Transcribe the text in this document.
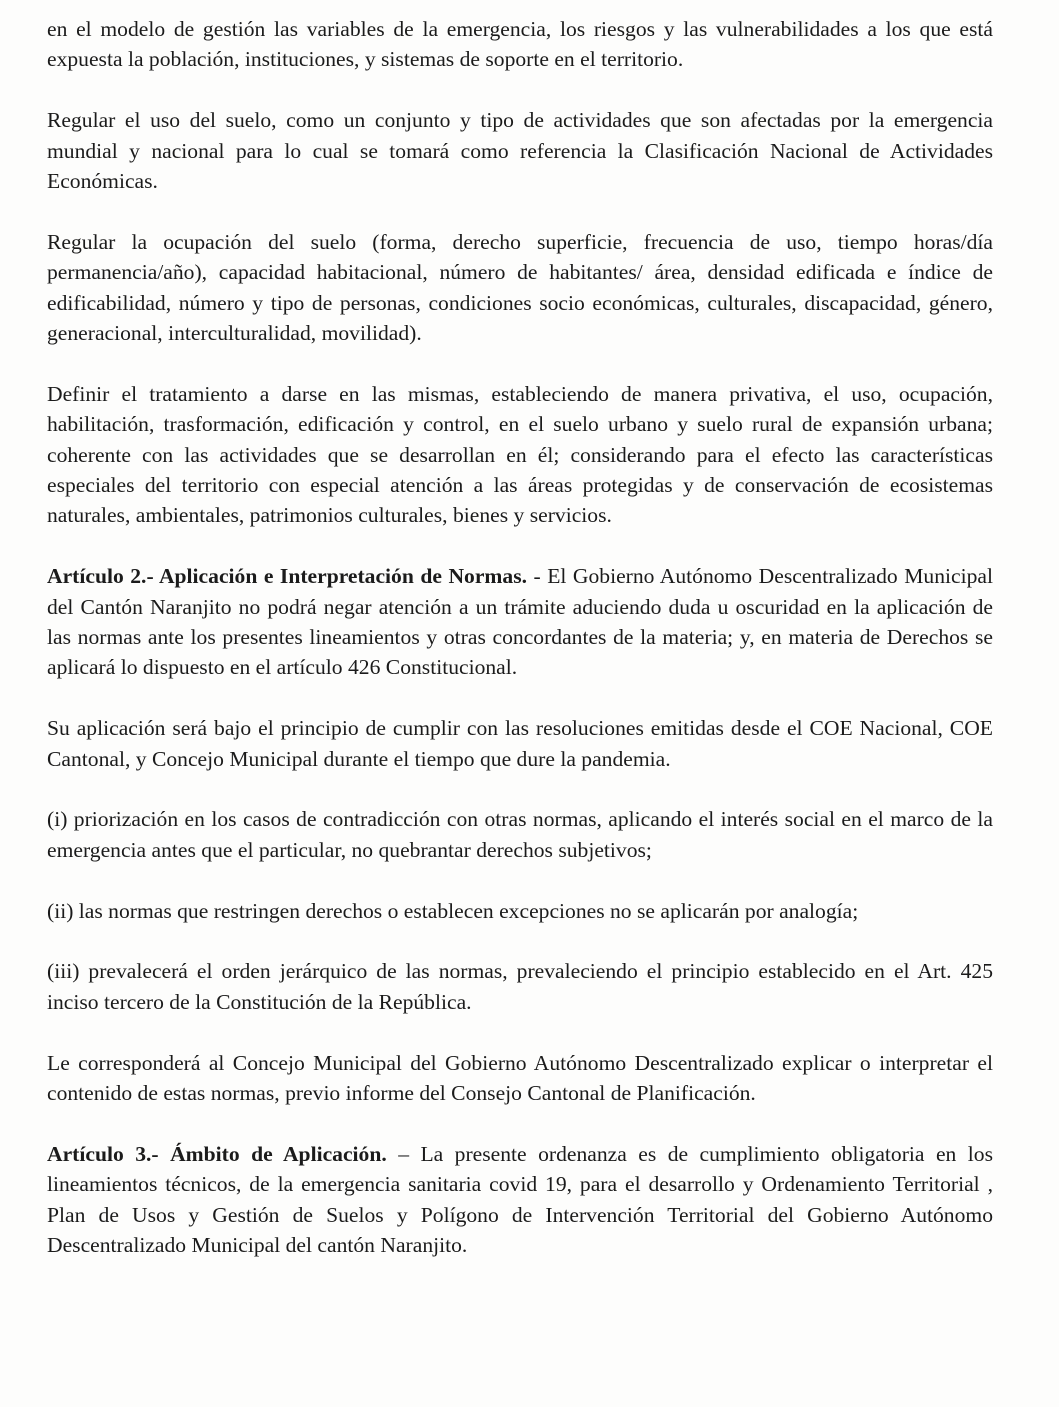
en el modelo de gestión las variables de la emergencia, los riesgos y las vulnerabilidades a los que está expuesta la población, instituciones, y sistemas de soporte en el territorio.

Regular el uso del suelo, como un conjunto y tipo de actividades que son afectadas por la emergencia mundial y nacional para lo cual se tomará como referencia la Clasificación Nacional de Actividades Económicas.

Regular la ocupación del suelo (forma, derecho superficie, frecuencia de uso, tiempo horas/día permanencia/año), capacidad habitacional, número de habitantes/ área, densidad edificada e índice de edificabilidad, número y tipo de personas, condiciones socio económicas, culturales, discapacidad, género, generacional, interculturalidad, movilidad).

Definir el tratamiento a darse en las mismas, estableciendo de manera privativa, el uso, ocupación, habilitación, trasformación, edificación y control, en el suelo urbano y suelo rural de expansión urbana; coherente con las actividades que se desarrollan en él; considerando para el efecto las características especiales del territorio con especial atención a las áreas protegidas y de conservación de ecosistemas naturales, ambientales, patrimonios culturales, bienes y servicios.

Artículo 2.- Aplicación e Interpretación de Normas. - El Gobierno Autónomo Descentralizado Municipal del Cantón Naranjito no podrá negar atención a un trámite aduciendo duda u oscuridad en la aplicación de las normas ante los presentes lineamientos y otras concordantes de la materia; y, en materia de Derechos se aplicará lo dispuesto en el artículo 426 Constitucional.

Su aplicación será bajo el principio de cumplir con las resoluciones emitidas desde el COE Nacional, COE Cantonal, y Concejo Municipal durante el tiempo que dure la pandemia.

(i) priorización en los casos de contradicción con otras normas, aplicando el interés social en el marco de la emergencia antes que el particular, no quebrantar derechos subjetivos;

(ii) las normas que restringen derechos o establecen excepciones no se aplicarán por analogía;

(iii) prevalecerá el orden jerárquico de las normas, prevaleciendo el principio establecido en el Art. 425 inciso tercero de la Constitución de la República.

Le corresponderá al Concejo Municipal del Gobierno Autónomo Descentralizado explicar o interpretar el contenido de estas normas, previo informe del Consejo Cantonal de Planificación.

Artículo 3.- Ámbito de Aplicación. – La presente ordenanza es de cumplimiento obligatoria en los lineamientos técnicos, de la emergencia sanitaria covid 19, para el desarrollo y Ordenamiento Territorial , Plan de Usos y Gestión de Suelos y Polígono de Intervención Territorial del Gobierno Autónomo Descentralizado Municipal del cantón Naranjito.
